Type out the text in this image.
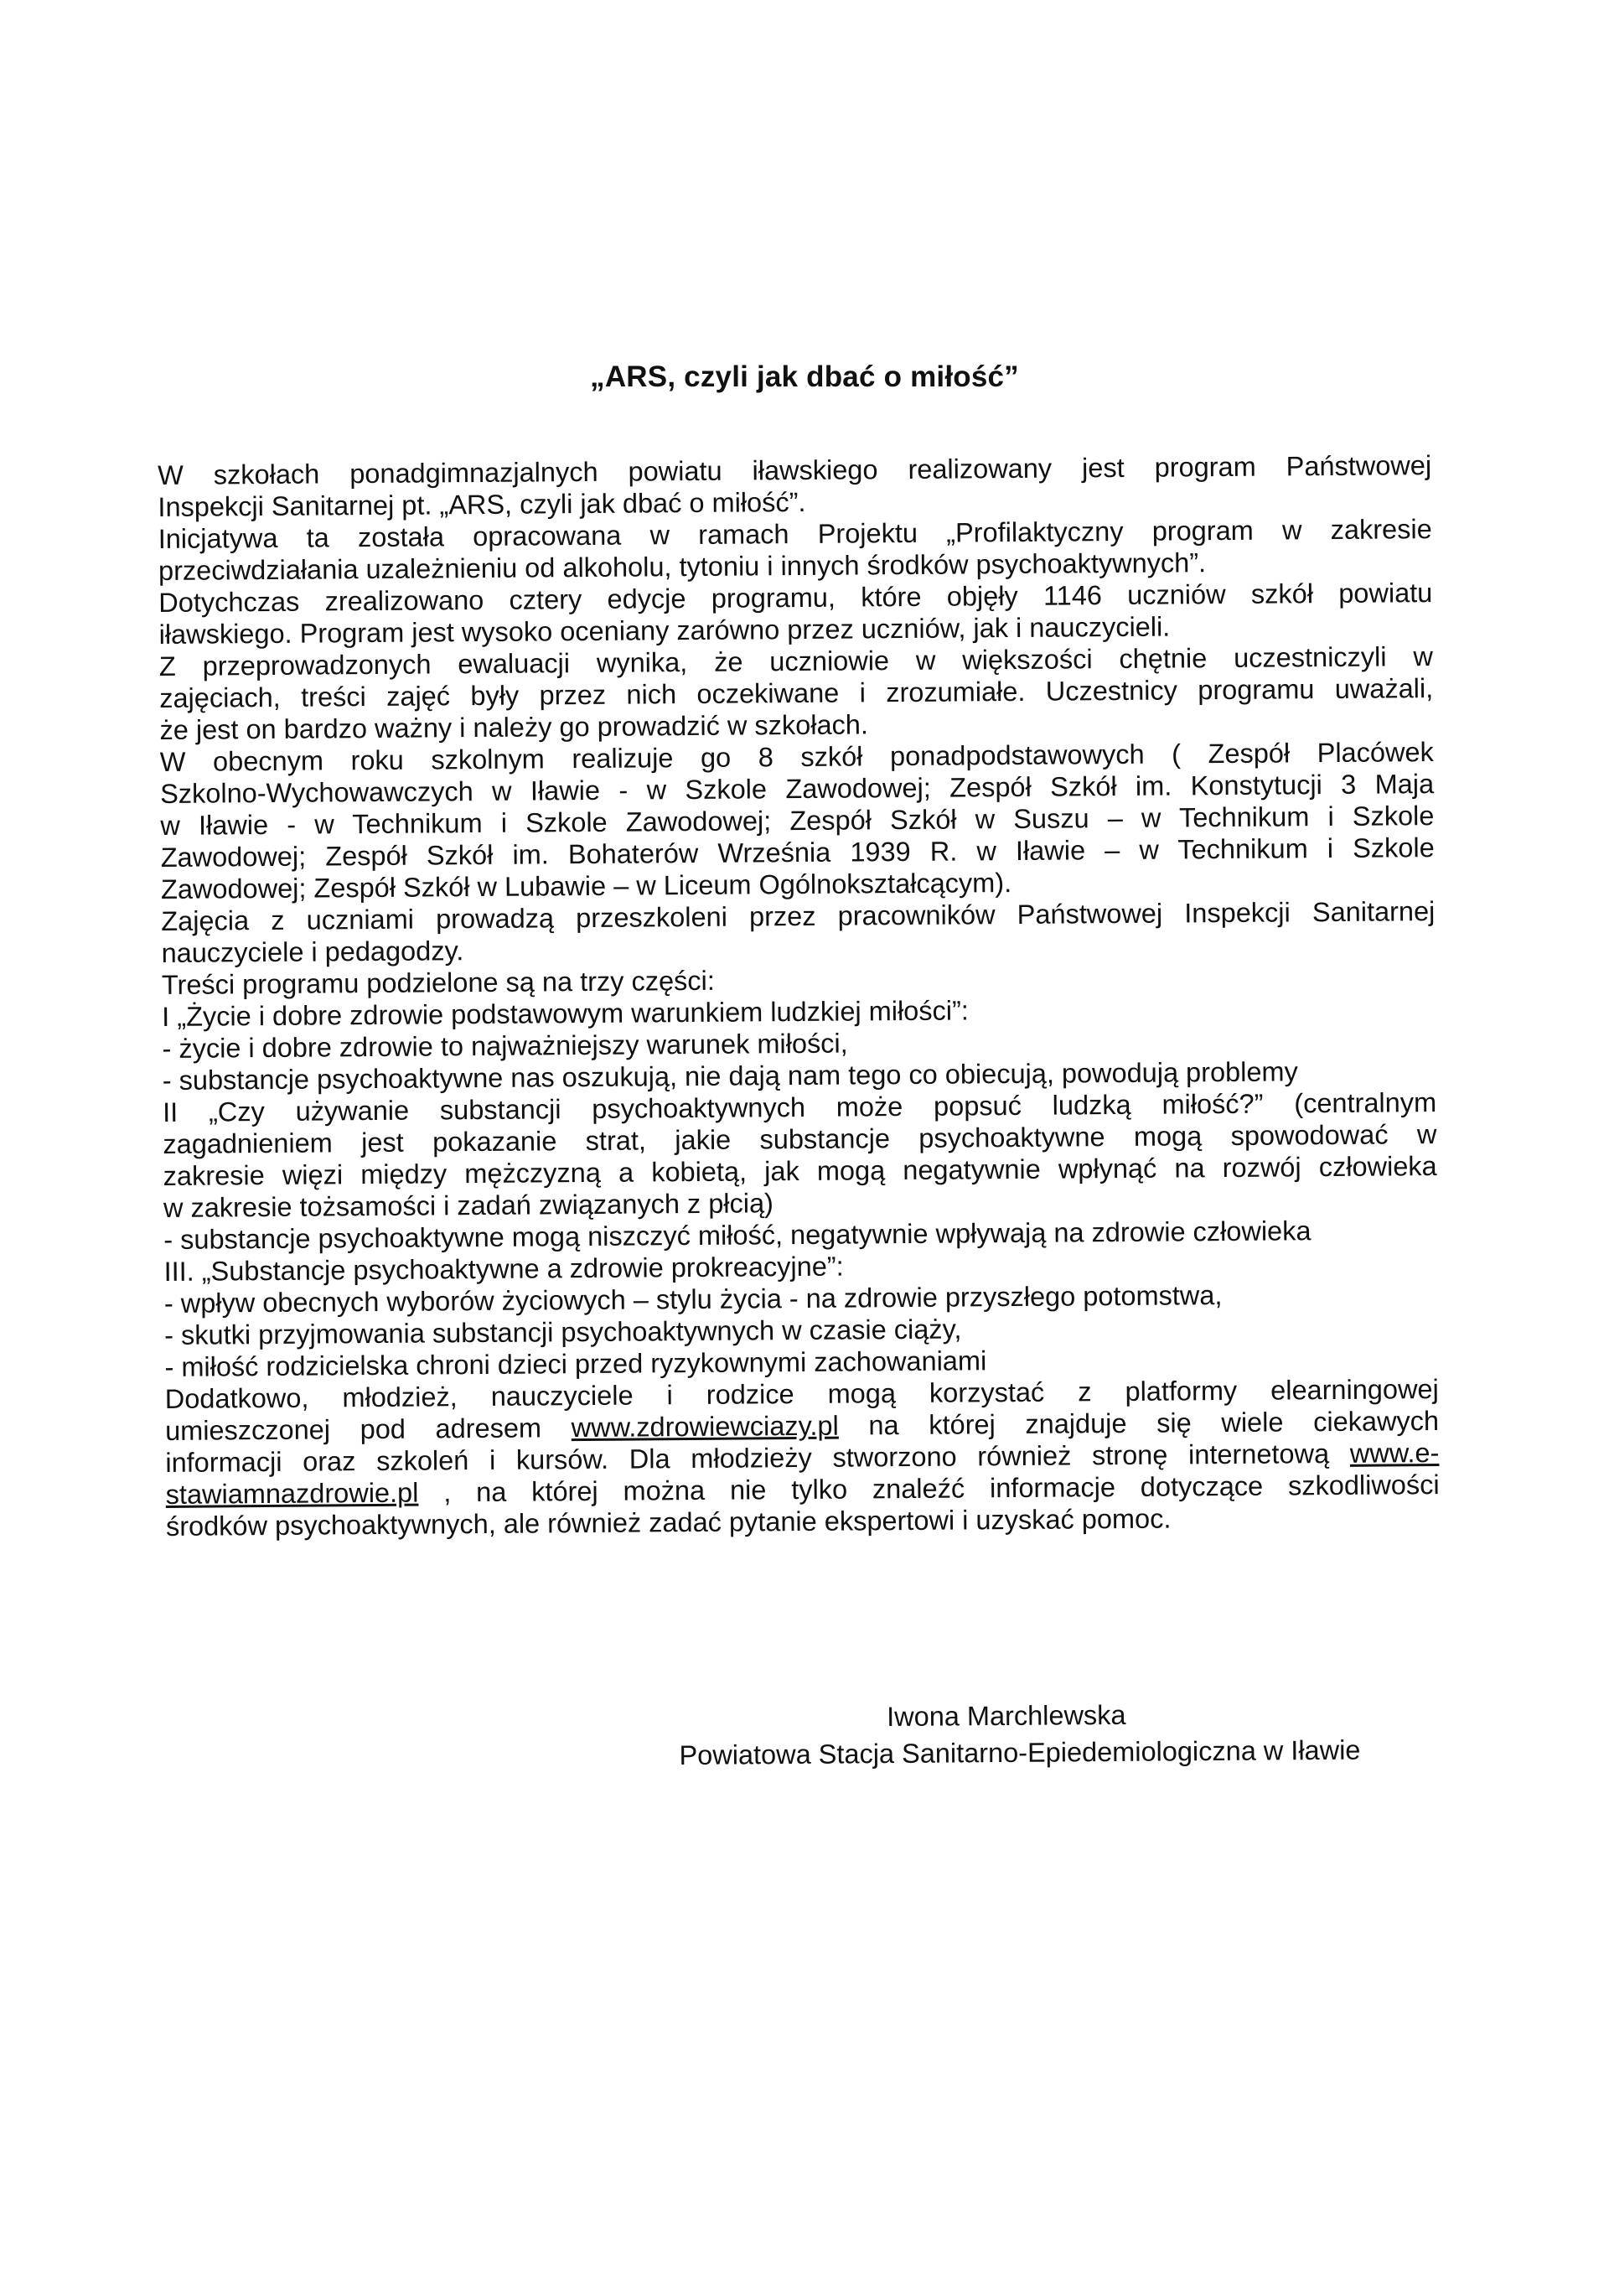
„ARS, czyli jak dbać o miłość”

W szkołach ponadgimnazjalnych powiatu iławskiego realizowany jest program Państwowej
Inspekcji Sanitarnej pt. „ARS, czyli jak dbać o miłość”.

Inicjatywa ta została opracowana w ramach Projektu „Profilaktyczny program w zakresie
przeciwdziałania uzależnieniu od alkoholu, tytoniu i innych środków psychoaktywnych”.

Dotychczas zrealizowano cztery edycje programu, które objęły 1146 uczniów szkół powiatu
iławskiego. Program jest wysoko oceniany zarówno przez uczniów, jak i nauczycieli.

Z przeprowadzonych ewaluacji wynika, że uczniowie w większości chętnie uczestniczyli w
zajęciach, treści zajęć były przez nich oczekiwane i zrozumiałe. Uczestnicy programu uważali,
że jest on bardzo ważny i należy go prowadzić w szkołach.

W obecnym roku szkolnym realizuje go 8 szkół ponadpodstawowych ( Zespół Placówek
Szkolno-Wychowawczych w Iławie - w Szkole Zawodowej; Zespół Szkół im. Konstytucji 3 Maja
w Iławie - w Technikum i Szkole Zawodowej; Zespół Szkół w Suszu – w Technikum i Szkole
Zawodowej; Zespół Szkół im. Bohaterów Września 1939 R. w Iławie – w Technikum i Szkole
Zawodowej; Zespół Szkół w Lubawie – w Liceum Ogólnokształcącym).

Zajęcia z uczniami prowadzą przeszkoleni przez pracowników Państwowej Inspekcji Sanitarnej
nauczyciele i pedagodzy.

Treści programu podzielone są na trzy części:

I „Życie i dobre zdrowie podstawowym warunkiem ludzkiej miłości”:

- życie i dobre zdrowie to najważniejszy warunek miłości,

- substancje psychoaktywne nas oszukują, nie dają nam tego co obiecują, powodują problemy

II „Czy używanie substancji psychoaktywnych może popsuć ludzką miłość?” (centralnym
zagadnieniem jest pokazanie strat, jakie substancje psychoaktywne mogą spowodować w
zakresie więzi między mężczyzną a kobietą, jak mogą negatywnie wpłynąć na rozwój człowieka
w zakresie tożsamości i zadań związanych z płcią)

- substancje psychoaktywne mogą niszczyć miłość, negatywnie wpływają na zdrowie człowieka

III. „Substancje psychoaktywne a zdrowie prokreacyjne”:

- wpływ obecnych wyborów życiowych – stylu życia - na zdrowie przyszłego potomstwa,

- skutki przyjmowania substancji psychoaktywnych w czasie ciąży,

- miłość rodzicielska chroni dzieci przed ryzykownymi zachowaniami

Dodatkowo, młodzież, nauczyciele i rodzice mogą korzystać z platformy elearningowej
umieszczonej pod adresem www.zdrowiewciazy.pl na której znajduje się wiele ciekawych
informacji oraz szkoleń i kursów. Dla młodzieży stworzono również stronę internetową www.e-
stawiamnazdrowie.pl , na której można nie tylko znaleźć informacje dotyczące szkodliwości
środków psychoaktywnych, ale również zadać pytanie ekspertowi i uzyskać pomoc.

Iwona Marchlewska
Powiatowa Stacja Sanitarno-Epiedemiologiczna w Iławie
